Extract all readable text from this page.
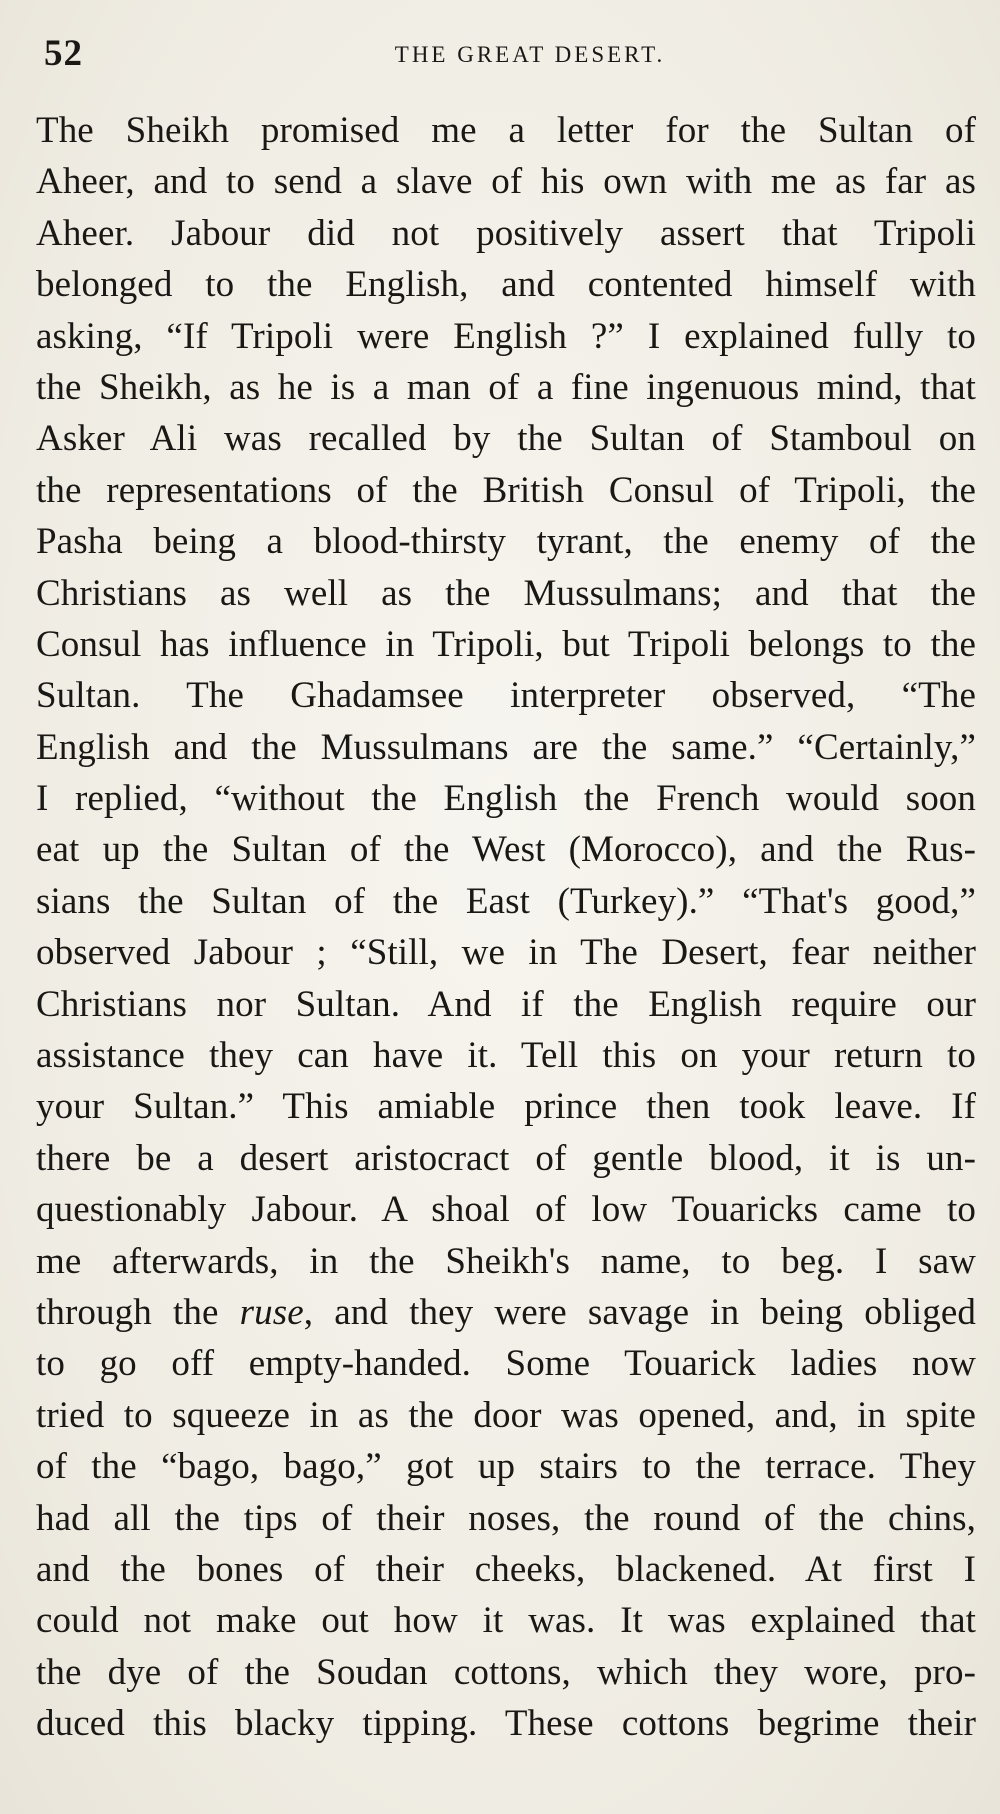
52	THE GREAT DESERT.
The Sheikh promised me a letter for the Sultan of
Aheer, and to send a slave of his own with me as far as
Aheer. Jabour did not positively assert that Tripoli
belonged to the English, and contented himself with
asking, “If Tripoli were English ?” I explained fully to
the Sheikh, as he is a man of a fine ingenuous mind, that
Asker Ali was recalled by the Sultan of Stamboul on
the representations of the British Consul of Tripoli, the
Pasha being a blood-thirsty tyrant, the enemy of the
Christians as well as the Mussulmans; and that the
Consul has influence in Tripoli, but Tripoli belongs to the
Sultan. The Ghadamsee interpreter observed, “The
English and the Mussulmans are the same.” “Certainly,”
I replied, “without the English the French would soon
eat up the Sultan of the West (Morocco), and the Rus-
sians the Sultan of the East (Turkey).” “That's good,”
observed Jabour ; “Still, we in The Desert, fear neither
Christians nor Sultan. And if the English require our
assistance they can have it. Tell this on your return to
your Sultan.” This amiable prince then took leave. If
there be a desert aristocract of gentle blood, it is un-
questionably Jabour. A shoal of low Touaricks came to
me afterwards, in the Sheikh's name, to beg. I saw
through the ruse, and they were savage in being obliged
to go off empty-handed. Some Touarick ladies now
tried to squeeze in as the door was opened, and, in spite
of the “bago, bago,” got up stairs to the terrace. They
had all the tips of their noses, the round of the chins,
and the bones of their cheeks, blackened. At first I
could not make out how it was. It was explained that
the dye of the Soudan cottons, which they wore, pro-
duced this blacky tipping. These cottons begrime their
